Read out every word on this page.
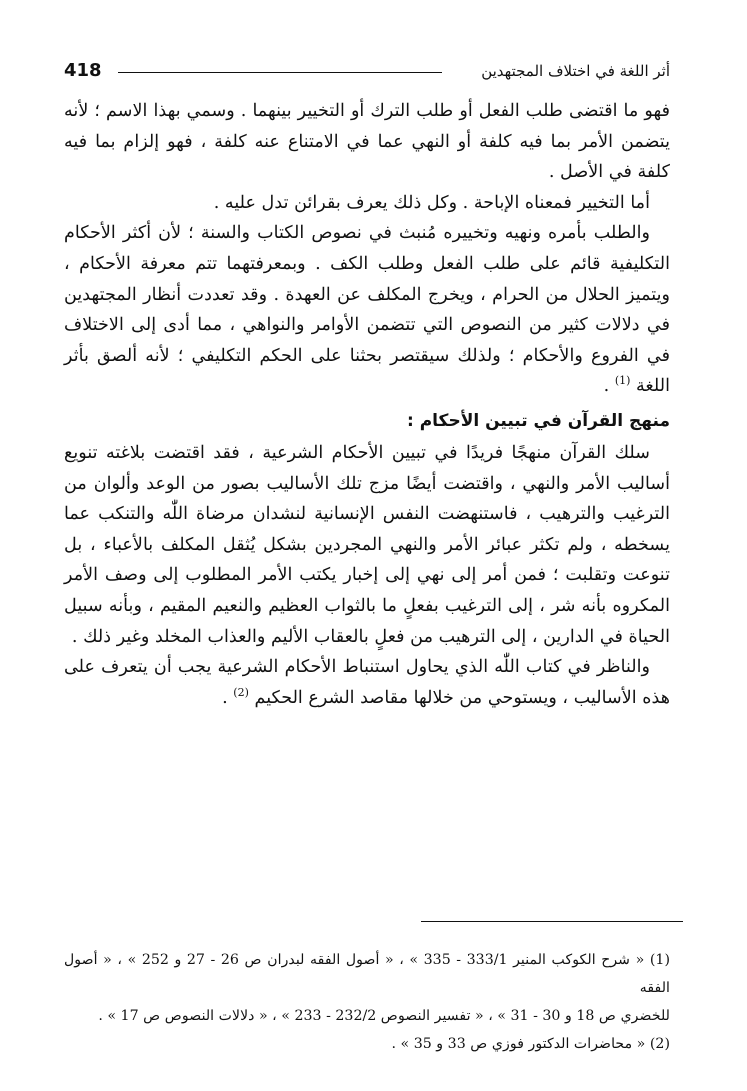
418	أثر اللغة في اختلاف المجتهدين

فهو ما اقتضى طلب الفعل أو طلب الترك أو التخيير بينهما . وسمي بهذا الاسم ؛ لأنه يتضمن الأمر بما فيه كلفة أو النهي عما في الامتناع عنه كلفة ، فهو إلزام بما فيه كلفة في الأصل .

أما التخيير فمعناه الإباحة . وكل ذلك يعرف بقرائن تدل عليه .

والطلب بأمره ونهيه وتخييره مُنبث في نصوص الكتاب والسنة ؛ لأن أكثر الأحكام التكليفية قائم على طلب الفعل وطلب الكف . وبمعرفتهما تتم معرفة الأحكام ، ويتميز الحلال من الحرام ، ويخرج المكلف عن العهدة . وقد تعددت أنظار المجتهدين في دلالات كثير من النصوص التي تتضمن الأوامر والنواهي ، مما أدى إلى الاختلاف في الفروع والأحكام ؛ ولذلك سيقتصر بحثنا على الحكم التكليفي ؛ لأنه ألصق بأثر اللغة $^{(1)}$ .

منهج القرآن في تبيين الأحكام :

سلك القرآن منهجًا فريدًا في تبيين الأحكام الشرعية ، فقد اقتضت بلاغته تنويع أساليب الأمر والنهي ، واقتضت أيضًا مزج تلك الأساليب بصور من الوعد وألوان من الترغيب والترهيب ، فاستنهضت النفس الإنسانية لنشدان مرضاة اللّٰه والتنكب عما يسخطه ، ولم تكثر عبائر الأمر والنهي المجردين بشكل يُثقل المكلف بالأعباء ، بل تنوعت وتقلبت ؛ فمن أمر إلى نهي إلى إخبار يكتب الأمر المطلوب إلى وصف الأمر المكروه بأنه شر ، إلى الترغيب بفعلٍ ما بالثواب العظيم والنعيم المقيم ، وبأنه سبيل الحياة في الدارين ، إلى الترهيب من فعلٍ بالعقاب الأليم والعذاب المخلد وغير ذلك .

والناظر في كتاب اللّٰه الذي يحاول استنباط الأحكام الشرعية يجب أن يتعرف على هذه الأساليب ، ويستوحي من خلالها مقاصد الشرع الحكيم $^{(2)}$ .

(1) « شرح الكوكب المنير 333/1 - 335 » ، « أصول الفقه لبدران ص 26 - 27 و 252 » ، « أصول الفقه

للخضري ص 18 و 30 - 31 » ، « تفسير النصوص 232/2 - 233 » ، « دلالات النصوص ص 17 » .

(2) « محاضرات الدكتور فوزي ص 33 و 35 » .
